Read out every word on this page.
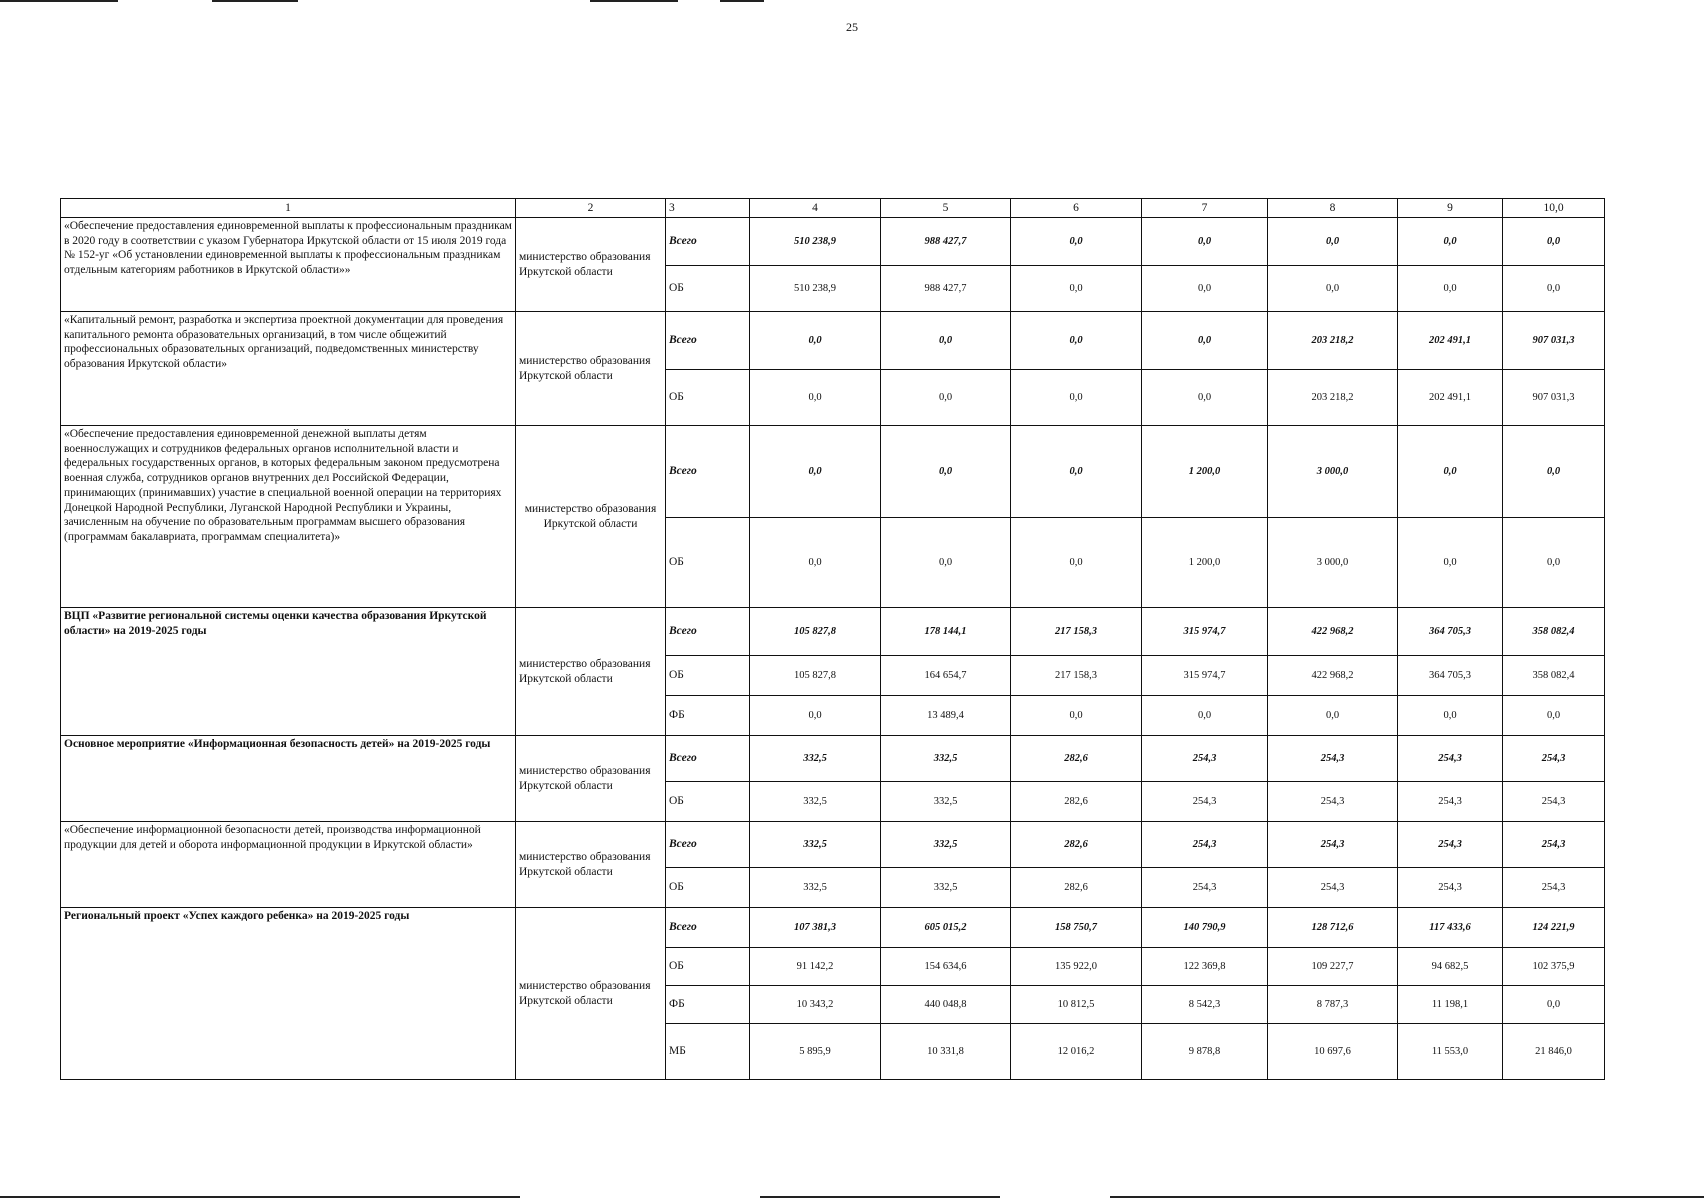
25
1	2	3	4	5	6	7	8	9	10,0
«Обеспечение предоставления единовременной выплаты к профессиональным праздникам в 2020 году в соответствии с указом Губернатора Иркутской области от 15 июля 2019 года № 152-уг «Об установлении единовременной выплаты к профессиональным праздникам отдельным категориям работников в Иркутской области»»	министерство образования Иркутской области	Всего	510 238,9	988 427,7	0,0	0,0	0,0	0,0	0,0
		ОБ	510 238,9	988 427,7	0,0	0,0	0,0	0,0	0,0
«Капитальный ремонт, разработка и экспертиза проектной документации для проведения капитального ремонта образовательных организаций, в том числе общежитий профессиональных образовательных организаций, подведомственных министерству образования Иркутской области»	министерство образования Иркутской области	Всего	0,0	0,0	0,0	0,0	203 218,2	202 491,1	907 031,3
		ОБ	0,0	0,0	0,0	0,0	203 218,2	202 491,1	907 031,3
«Обеспечение предоставления единовременной денежной выплаты детям военнослужащих и сотрудников федеральных органов исполнительной власти и федеральных государственных органов, в которых федеральным законом предусмотрена военная служба, сотрудников органов внутренних дел Российской Федерации, принимающих (принимавших) участие в специальной военной операции на территориях Донецкой Народной Республики, Луганской Народной Республики и Украины, зачисленным на обучение по образовательным программам высшего образования (программам бакалавриата, программам специалитета)»	министерство образования Иркутской области	Всего	0,0	0,0	0,0	1 200,0	3 000,0	0,0	0,0
		ОБ	0,0	0,0	0,0	1 200,0	3 000,0	0,0	0,0
ВЦП «Развитие региональной системы оценки качества образования Иркутской области» на 2019-2025 годы	министерство образования Иркутской области	Всего	105 827,8	178 144,1	217 158,3	315 974,7	422 968,2	364 705,3	358 082,4
		ОБ	105 827,8	164 654,7	217 158,3	315 974,7	422 968,2	364 705,3	358 082,4
		ФБ	0,0	13 489,4	0,0	0,0	0,0	0,0	0,0
Основное мероприятие «Информационная безопасность детей» на 2019-2025 годы	министерство образования Иркутской области	Всего	332,5	332,5	282,6	254,3	254,3	254,3	254,3
		ОБ	332,5	332,5	282,6	254,3	254,3	254,3	254,3
«Обеспечение информационной безопасности детей, производства информационной продукции для детей и оборота информационной продукции в Иркутской области»	министерство образования Иркутской области	Всего	332,5	332,5	282,6	254,3	254,3	254,3	254,3
		ОБ	332,5	332,5	282,6	254,3	254,3	254,3	254,3
Региональный проект «Успех каждого ребенка» на 2019-2025 годы	министерство образования Иркутской области	Всего	107 381,3	605 015,2	158 750,7	140 790,9	128 712,6	117 433,6	124 221,9
		ОБ	91 142,2	154 634,6	135 922,0	122 369,8	109 227,7	94 682,5	102 375,9
		ФБ	10 343,2	440 048,8	10 812,5	8 542,3	8 787,3	11 198,1	0,0
		МБ	5 895,9	10 331,8	12 016,2	9 878,8	10 697,6	11 553,0	21 846,0
